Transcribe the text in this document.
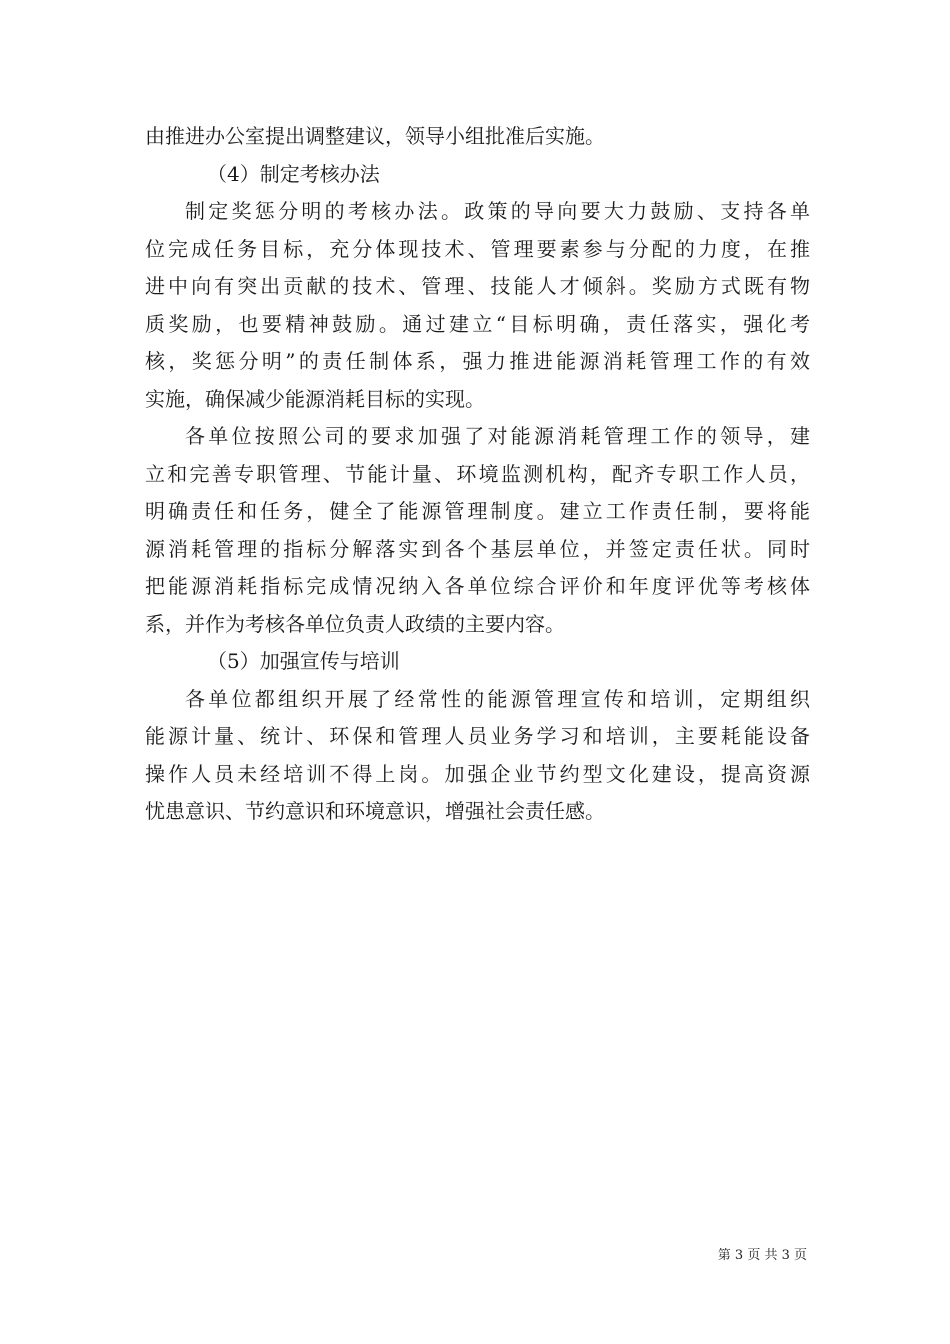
由推进办公室提出调整建议，领导小组批准后实施。
（4）制定考核办法
制定奖惩分明的考核办法。政策的导向要大力鼓励、支持各单
位完成任务目标，充分体现技术、管理要素参与分配的力度，在推
进中向有突出贡献的技术、管理、技能人才倾斜。奖励方式既有物
质奖励，也要精神鼓励。通过建立“目标明确，责任落实，强化考
核，奖惩分明”的责任制体系，强力推进能源消耗管理工作的有效
实施，确保减少能源消耗目标的实现。
各单位按照公司的要求加强了对能源消耗管理工作的领导，建
立和完善专职管理、节能计量、环境监测机构，配齐专职工作人员，
明确责任和任务，健全了能源管理制度。建立工作责任制，要将能
源消耗管理的指标分解落实到各个基层单位，并签定责任状。同时
把能源消耗指标完成情况纳入各单位综合评价和年度评优等考核体
系，并作为考核各单位负责人政绩的主要内容。
（5）加强宣传与培训
各单位都组织开展了经常性的能源管理宣传和培训，定期组织
能源计量、统计、环保和管理人员业务学习和培训，主要耗能设备
操作人员未经培训不得上岗。加强企业节约型文化建设，提高资源
忧患意识、节约意识和环境意识，增强社会责任感。
第 3 页 共 3 页
